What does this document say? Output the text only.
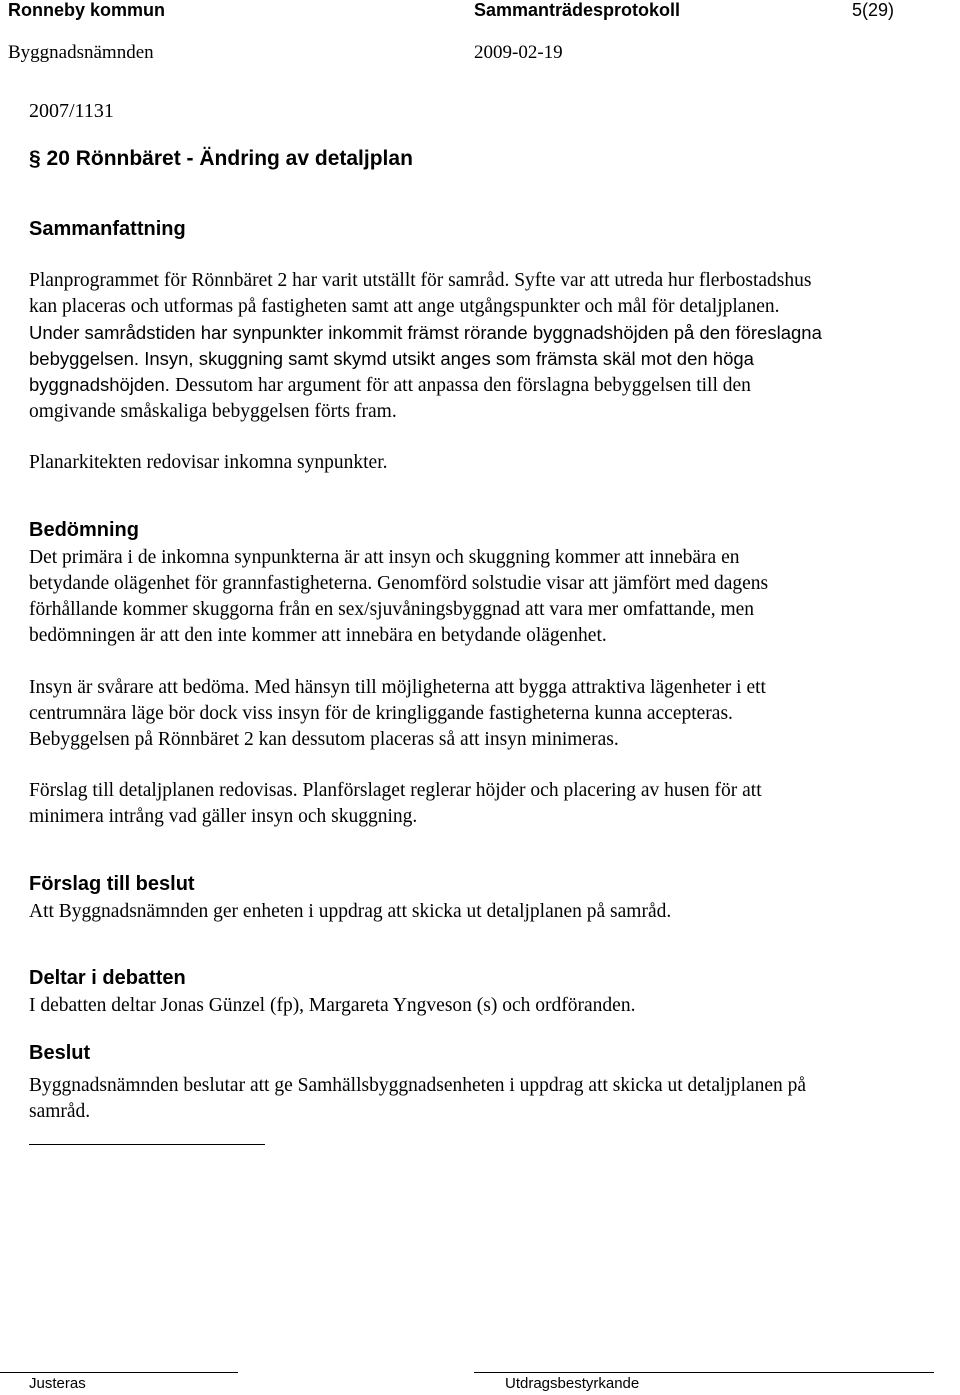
Ronneby kommun	Sammanträdesprotokoll	5(29)
Byggnadsnämnden	2009-02-19
2007/1131
§ 20 Rönnbäret - Ändring av detaljplan
Sammanfattning
Planprogrammet för Rönnbäret 2 har varit utställt för samråd. Syfte var att utreda hur flerbostadshus
kan placeras och utformas på fastigheten samt att ange utgångspunkter och mål för detaljplanen.
Under samrådstiden har synpunkter inkommit främst rörande byggnadshöjden på den föreslagna
bebyggelsen. Insyn, skuggning samt skymd utsikt anges som främsta skäl mot den höga
byggnadshöjden. Dessutom har argument för att anpassa den förslagna bebyggelsen till den
omgivande småskaliga bebyggelsen förts fram.
Planarkitekten redovisar inkomna synpunkter.
Bedömning
Det primära i de inkomna synpunkterna är att insyn och skuggning kommer att innebära en
betydande olägenhet för grannfastigheterna. Genomförd solstudie visar att jämfört med dagens
förhållande kommer skuggorna från en sex/sjuvåningsbyggnad att vara mer omfattande, men
bedömningen är att den inte kommer att innebära en betydande olägenhet.
Insyn är svårare att bedöma. Med hänsyn till möjligheterna att bygga attraktiva lägenheter i ett
centrumnära läge bör dock viss insyn för de kringliggande fastigheterna kunna accepteras.
Bebyggelsen på Rönnbäret 2 kan dessutom placeras så att insyn minimeras.
Förslag till detaljplanen redovisas. Planförslaget reglerar höjder och placering av husen för att
minimera intrång vad gäller insyn och skuggning.
Förslag till beslut
Att Byggnadsnämnden ger enheten i uppdrag att skicka ut detaljplanen på samråd.
Deltar i debatten
I debatten deltar Jonas Günzel (fp), Margareta Yngveson (s) och ordföranden.
Beslut
Byggnadsnämnden beslutar att ge Samhällsbyggnadsenheten i uppdrag att skicka ut detaljplanen på
samråd.
Justeras	Utdragsbestyrkande
